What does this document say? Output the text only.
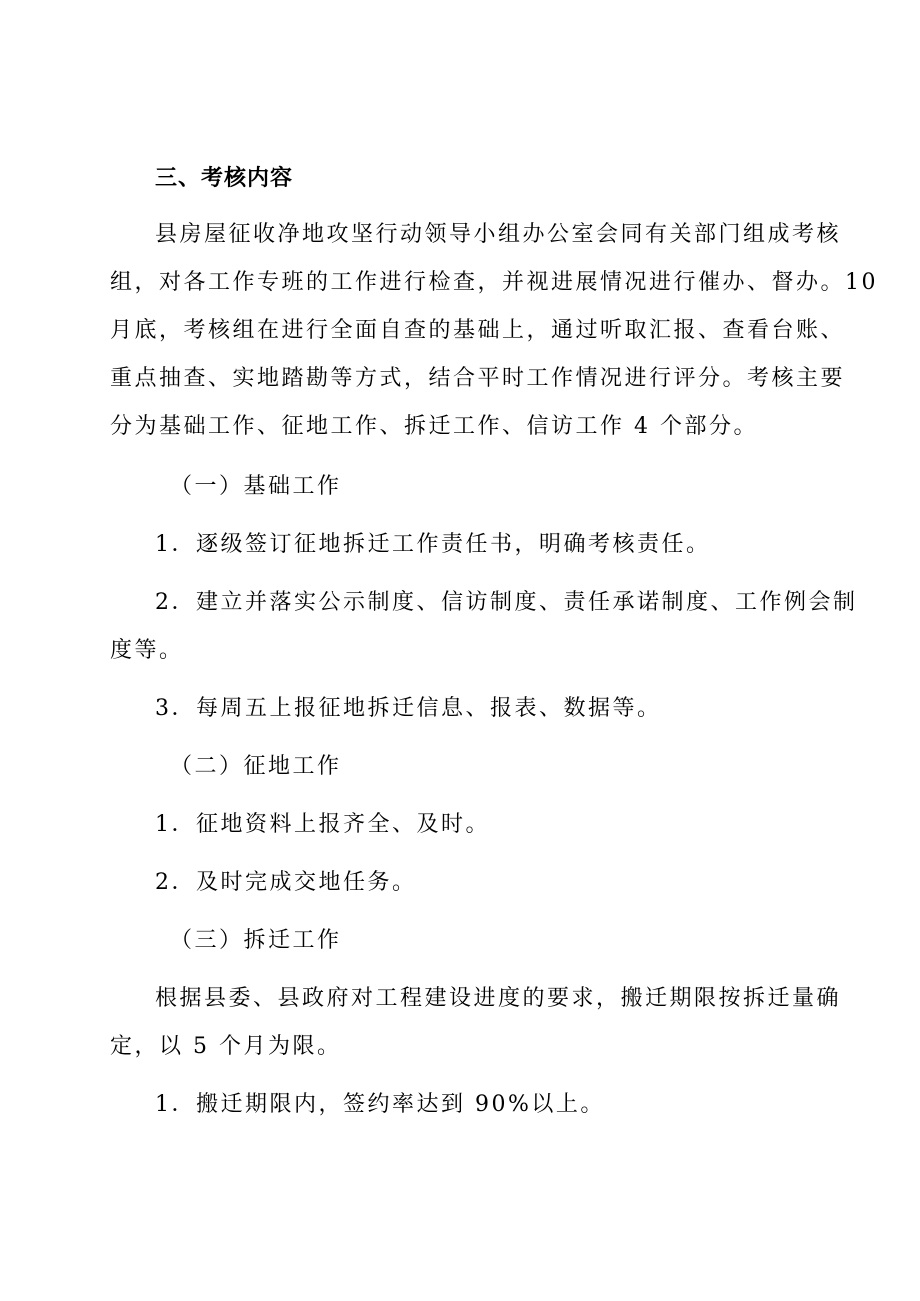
三、考核内容
县房屋征收净地攻坚行动领导小组办公室会同有关部门组成考核
组，对各工作专班的工作进行检查，并视进展情况进行催办、督办。10
月底，考核组在进行全面自查的基础上，通过听取汇报、查看台账、
重点抽查、实地踏勘等方式，结合平时工作情况进行评分。考核主要
分为基础工作、征地工作、拆迁工作、信访工作 4 个部分。
（一）基础工作
1．逐级签订征地拆迁工作责任书，明确考核责任。
2．建立并落实公示制度、信访制度、责任承诺制度、工作例会制
度等。
3．每周五上报征地拆迁信息、报表、数据等。
（二）征地工作
1．征地资料上报齐全、及时。
2．及时完成交地任务。
（三）拆迁工作
根据县委、县政府对工程建设进度的要求，搬迁期限按拆迁量确
定，以 5 个月为限。
1．搬迁期限内，签约率达到 90%以上。
